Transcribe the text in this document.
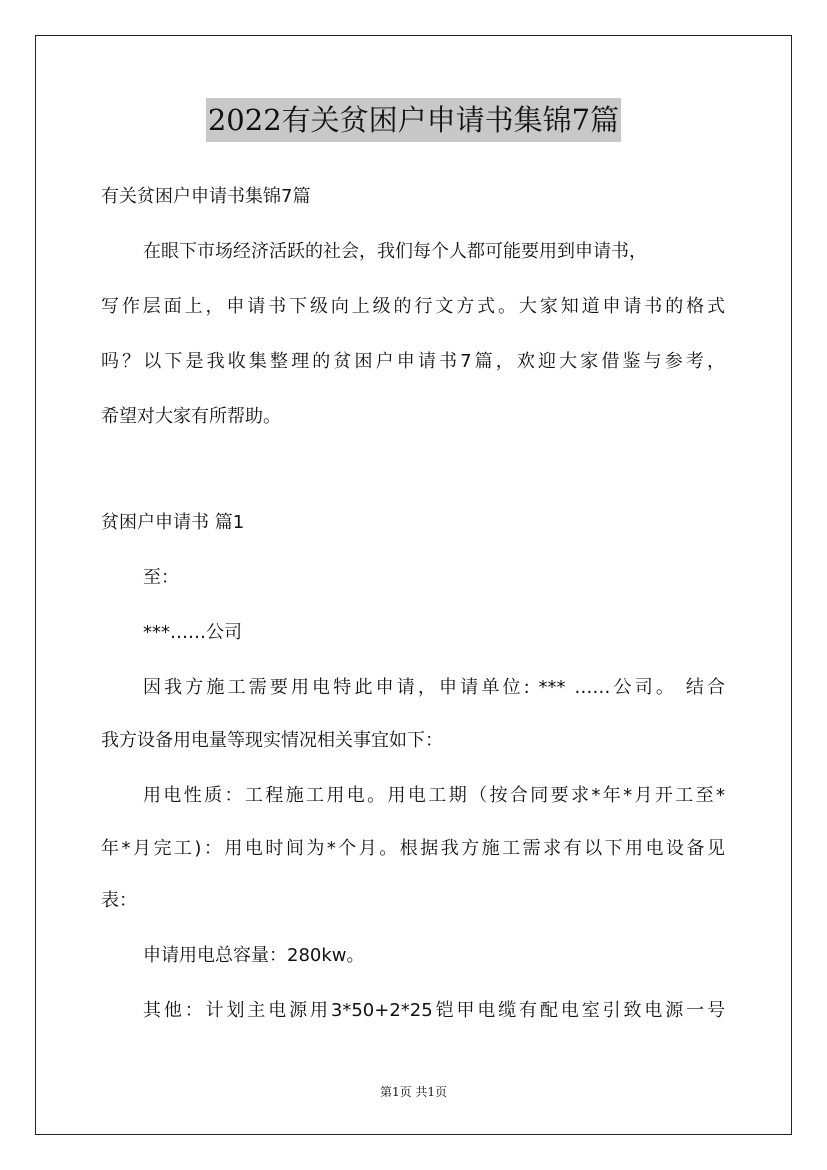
2022有关贫困户申请书集锦7篇
有关贫困户申请书集锦7篇
在眼下市场经济活跃的社会，我们每个人都可能要用到申请书，
写作层面上，申请书下级向上级的行文方式。大家知道申请书的格式
吗？以下是我收集整理的贫困户申请书7篇，欢迎大家借鉴与参考，
希望对大家有所帮助。
贫困户申请书 篇1
至：
***……公司
因我方施工需要用电特此申请，申请单位: *** ……公司。 结合
我方设备用电量等现实情况相关事宜如下：
用电性质：工程施工用电。用电工期（按合同要求*年*月开工至*
年*月完工)：用电时间为*个月。根据我方施工需求有以下用电设备见
表：
申请用电总容量：280kw。
其他：计划主电源用3*50+2*25铠甲电缆有配电室引致电源一号
第1页 共1页
